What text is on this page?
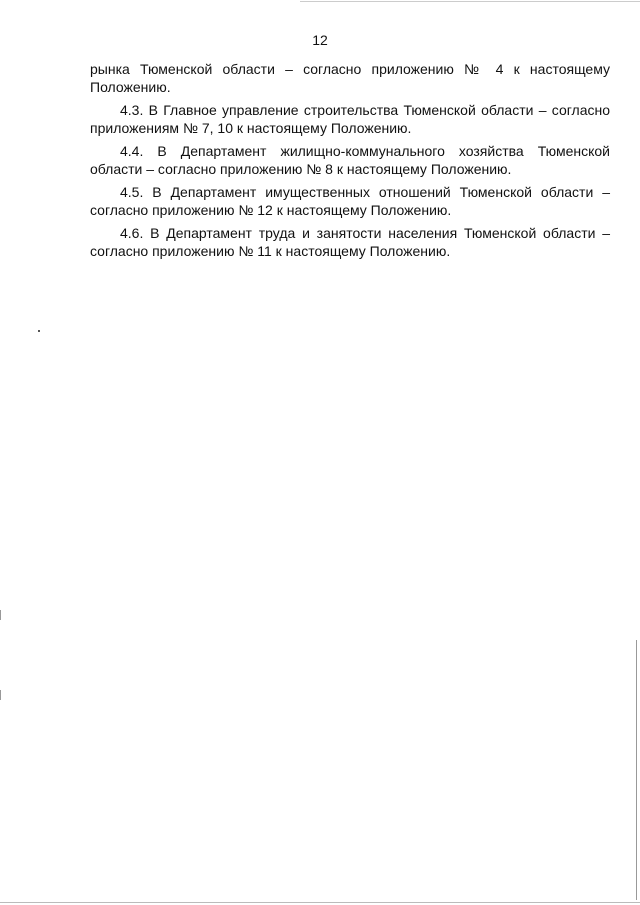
12

рынка Тюменской области – согласно приложению № 4 к настоящему Положению.

4.3. В Главное управление строительства Тюменской области – согласно приложениям № 7, 10 к настоящему Положению.

4.4. В Департамент жилищно-коммунального хозяйства Тюменской области – согласно приложению № 8 к настоящему Положению.

4.5. В Департамент имущественных отношений Тюменской области – согласно приложению № 12 к настоящему Положению.

4.6. В Департамент труда и занятости населения Тюменской области – согласно приложению № 11 к настоящему Положению.
